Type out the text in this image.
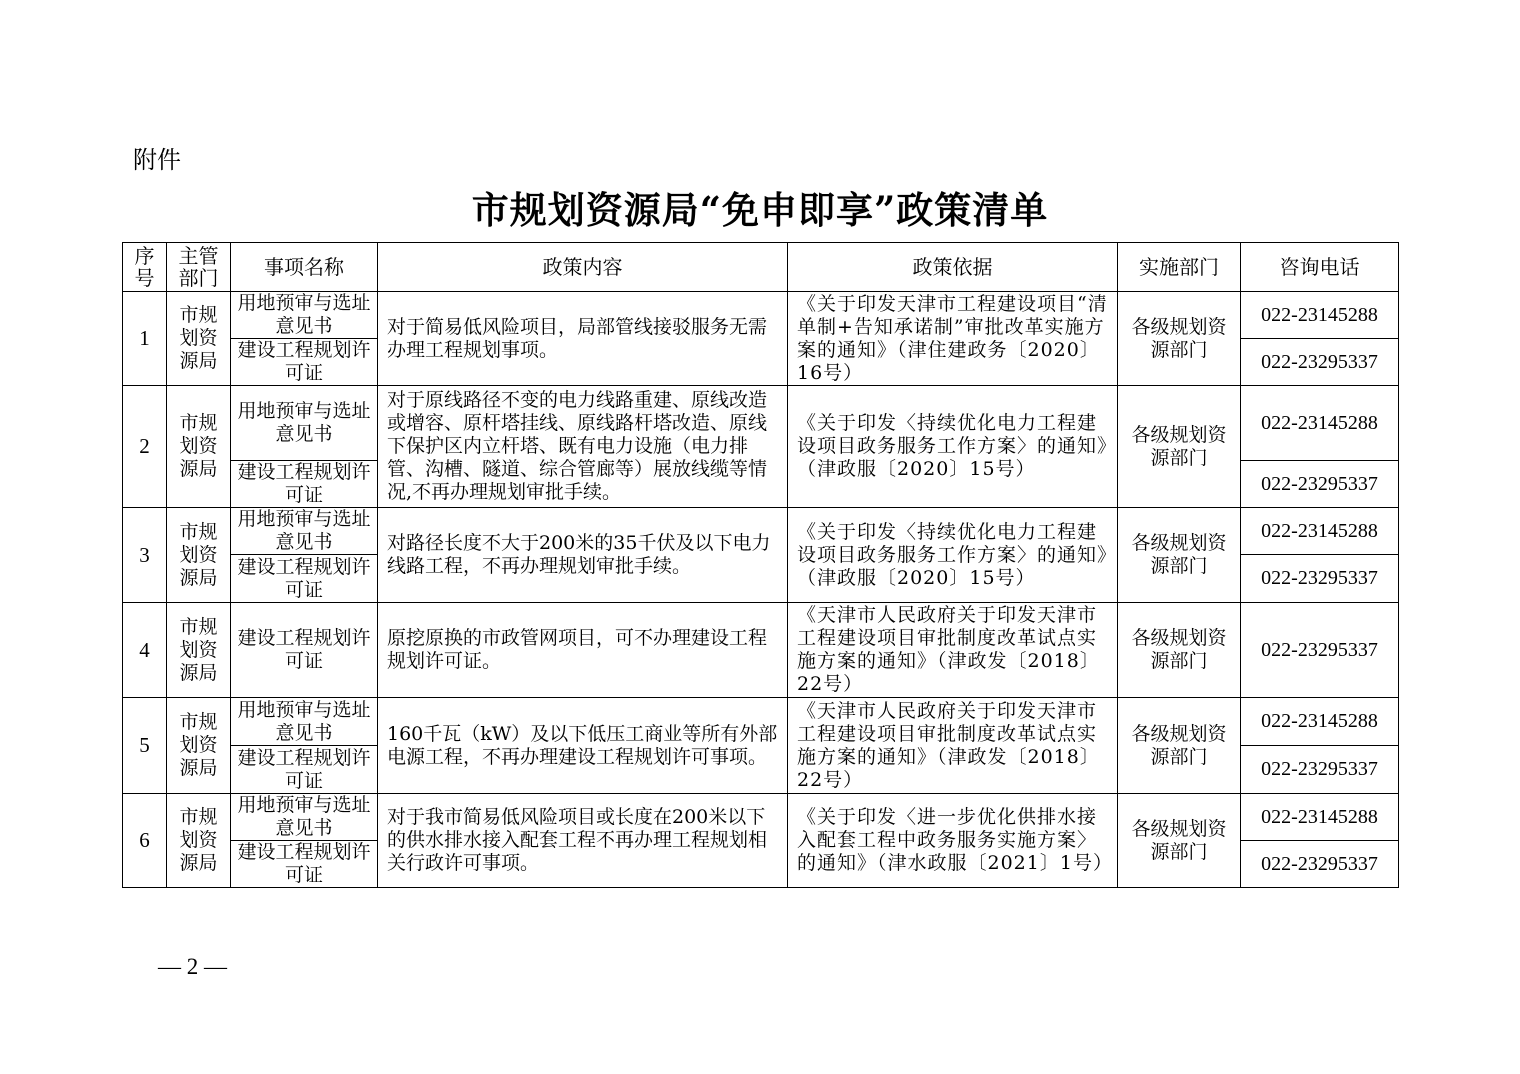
附件
市规划资源局“免申即享”政策清单
序号	主管部门	事项名称	政策内容	政策依据	实施部门	咨询电话
1	市规划资源局	用地预审与选址意见书	对于简易低风险项目，局部管线接驳服务无需办理工程规划事项。	《关于印发天津市工程建设项目“清单制+告知承诺制”审批改革实施方案的通知》（津住建政务〔2020〕16号）	各级规划资源部门	022-23145288
		建设工程规划许可证				022-23295337
2	市规划资源局	用地预审与选址意见书	对于原线路径不变的电力线路重建、原线改造或增容、原杆塔挂线、原线路杆塔改造、原线下保护区内立杆塔、既有电力设施（电力排管、沟槽、隧道、综合管廊等）展放线缆等情况,不再办理规划审批手续。	《关于印发〈持续优化电力工程建设项目政务服务工作方案〉的通知》（津政服〔2020〕15号）	各级规划资源部门	022-23145288
		建设工程规划许可证				022-23295337
3	市规划资源局	用地预审与选址意见书	对路径长度不大于200米的35千伏及以下电力线路工程，不再办理规划审批手续。	《关于印发〈持续优化电力工程建设项目政务服务工作方案〉的通知》（津政服〔2020〕15号）	各级规划资源部门	022-23145288
		建设工程规划许可证				022-23295337
4	市规划资源局	建设工程规划许可证	原挖原换的市政管网项目，可不办理建设工程规划许可证。	《天津市人民政府关于印发天津市工程建设项目审批制度改革试点实施方案的通知》（津政发〔2018〕22号）	各级规划资源部门	022-23295337
5	市规划资源局	用地预审与选址意见书	160千瓦（kW）及以下低压工商业等所有外部电源工程，不再办理建设工程规划许可事项。	《天津市人民政府关于印发天津市工程建设项目审批制度改革试点实施方案的通知》（津政发〔2018〕22号）	各级规划资源部门	022-23145288
		建设工程规划许可证				022-23295337
6	市规划资源局	用地预审与选址意见书	对于我市简易低风险项目或长度在200米以下的供水排水接入配套工程不再办理工程规划相关行政许可事项。	《关于印发〈进一步优化供排水接入配套工程中政务服务实施方案〉的通知》（津水政服〔2021〕1号）	各级规划资源部门	022-23145288
		建设工程规划许可证				022-23295337
— 2 —
